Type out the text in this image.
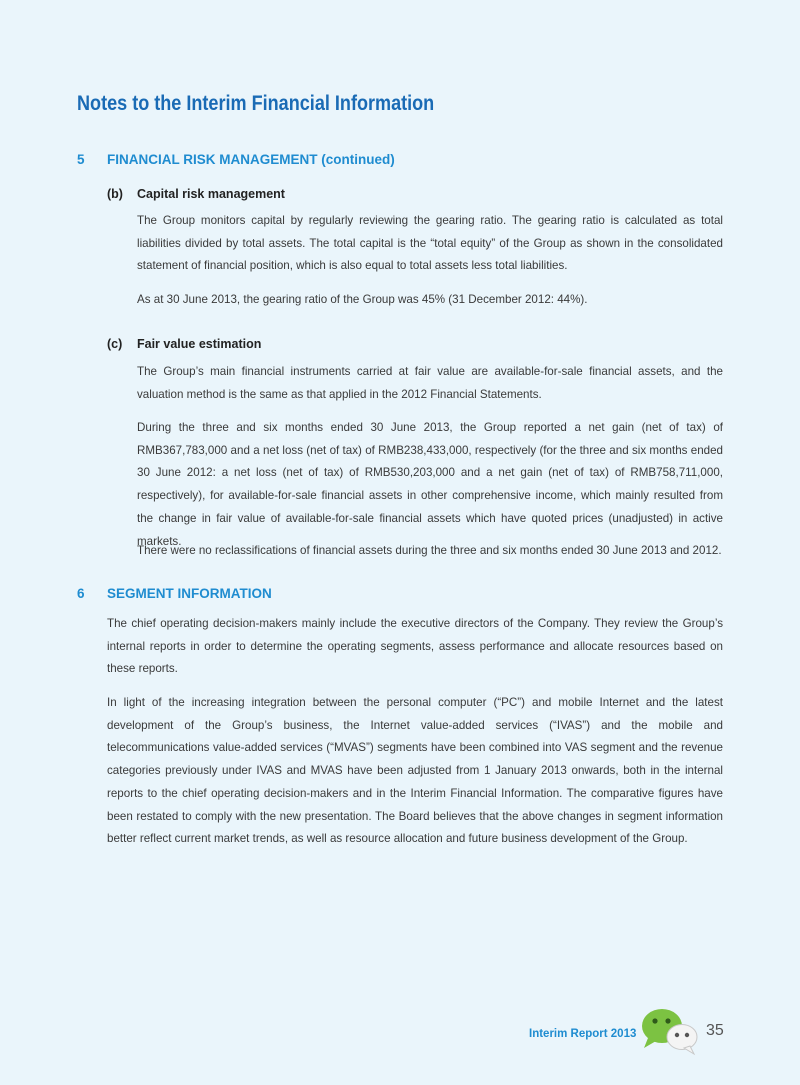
Notes to the Interim Financial Information
5 FINANCIAL RISK MANAGEMENT (continued)
(b) Capital risk management

The Group monitors capital by regularly reviewing the gearing ratio. The gearing ratio is calculated as total liabilities divided by total assets. The total capital is the “total equity” of the Group as shown in the consolidated statement of financial position, which is also equal to total assets less total liabilities.

As at 30 June 2013, the gearing ratio of the Group was 45% (31 December 2012: 44%).

(c) Fair value estimation

The Group’s main financial instruments carried at fair value are available-for-sale financial assets, and the valuation method is the same as that applied in the 2012 Financial Statements.

During the three and six months ended 30 June 2013, the Group reported a net gain (net of tax) of RMB367,783,000 and a net loss (net of tax) of RMB238,433,000, respectively (for the three and six months ended 30 June 2012: a net loss (net of tax) of RMB530,203,000 and a net gain (net of tax) of RMB758,711,000, respectively), for available-for-sale financial assets in other comprehensive income, which mainly resulted from the change in fair value of available-for-sale financial assets which have quoted prices (unadjusted) in active markets.

There were no reclassifications of financial assets during the three and six months ended 30 June 2013 and 2012.

6 SEGMENT INFORMATION

The chief operating decision-makers mainly include the executive directors of the Company. They review the Group’s internal reports in order to determine the operating segments, assess performance and allocate resources based on these reports.

In light of the increasing integration between the personal computer (“PC”) and mobile Internet and the latest development of the Group’s business, the Internet value-added services (“IVAS”) and the mobile and telecommunications value-added services (“MVAS”) segments have been combined into VAS segment and the revenue categories previously under IVAS and MVAS have been adjusted from 1 January 2013 onwards, both in the internal reports to the chief operating decision-makers and in the Interim Financial Information. The comparative figures have been restated to comply with the new presentation. The Board believes that the above changes in segment information better reflect current market trends, as well as resource allocation and future business development of the Group.

Interim Report 2013	35
